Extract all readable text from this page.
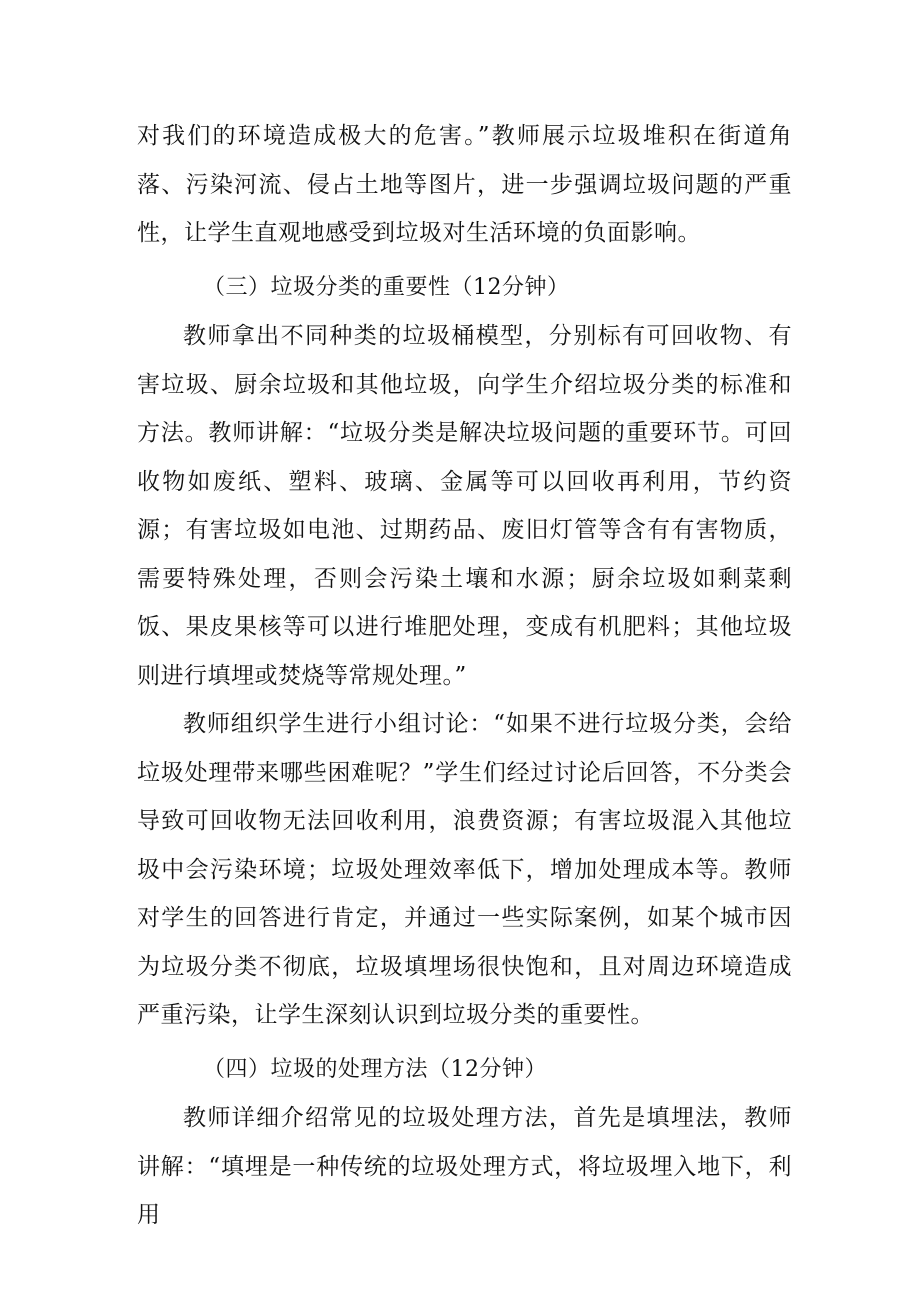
对我们的环境造成极大的危害。”教师展示垃圾堆积在街道角落、污染河流、侵占土地等图片，进一步强调垃圾问题的严重性，让学生直观地感受到垃圾对生活环境的负面影响。

（三）垃圾分类的重要性（12分钟）

教师拿出不同种类的垃圾桶模型，分别标有可回收物、有害垃圾、厨余垃圾和其他垃圾，向学生介绍垃圾分类的标准和方法。教师讲解：“垃圾分类是解决垃圾问题的重要环节。可回收物如废纸、塑料、玻璃、金属等可以回收再利用，节约资源；有害垃圾如电池、过期药品、废旧灯管等含有有害物质，需要特殊处理，否则会污染土壤和水源；厨余垃圾如剩菜剩饭、果皮果核等可以进行堆肥处理，变成有机肥料；其他垃圾则进行填埋或焚烧等常规处理。”

教师组织学生进行小组讨论：“如果不进行垃圾分类，会给垃圾处理带来哪些困难呢？”学生们经过讨论后回答，不分类会导致可回收物无法回收利用，浪费资源；有害垃圾混入其他垃圾中会污染环境；垃圾处理效率低下，增加处理成本等。教师对学生的回答进行肯定，并通过一些实际案例，如某个城市因为垃圾分类不彻底，垃圾填埋场很快饱和，且对周边环境造成严重污染，让学生深刻认识到垃圾分类的重要性。

（四）垃圾的处理方法（12分钟）

教师详细介绍常见的垃圾处理方法，首先是填埋法，教师讲解：“填埋是一种传统的垃圾处理方式，将垃圾埋入地下，利用
